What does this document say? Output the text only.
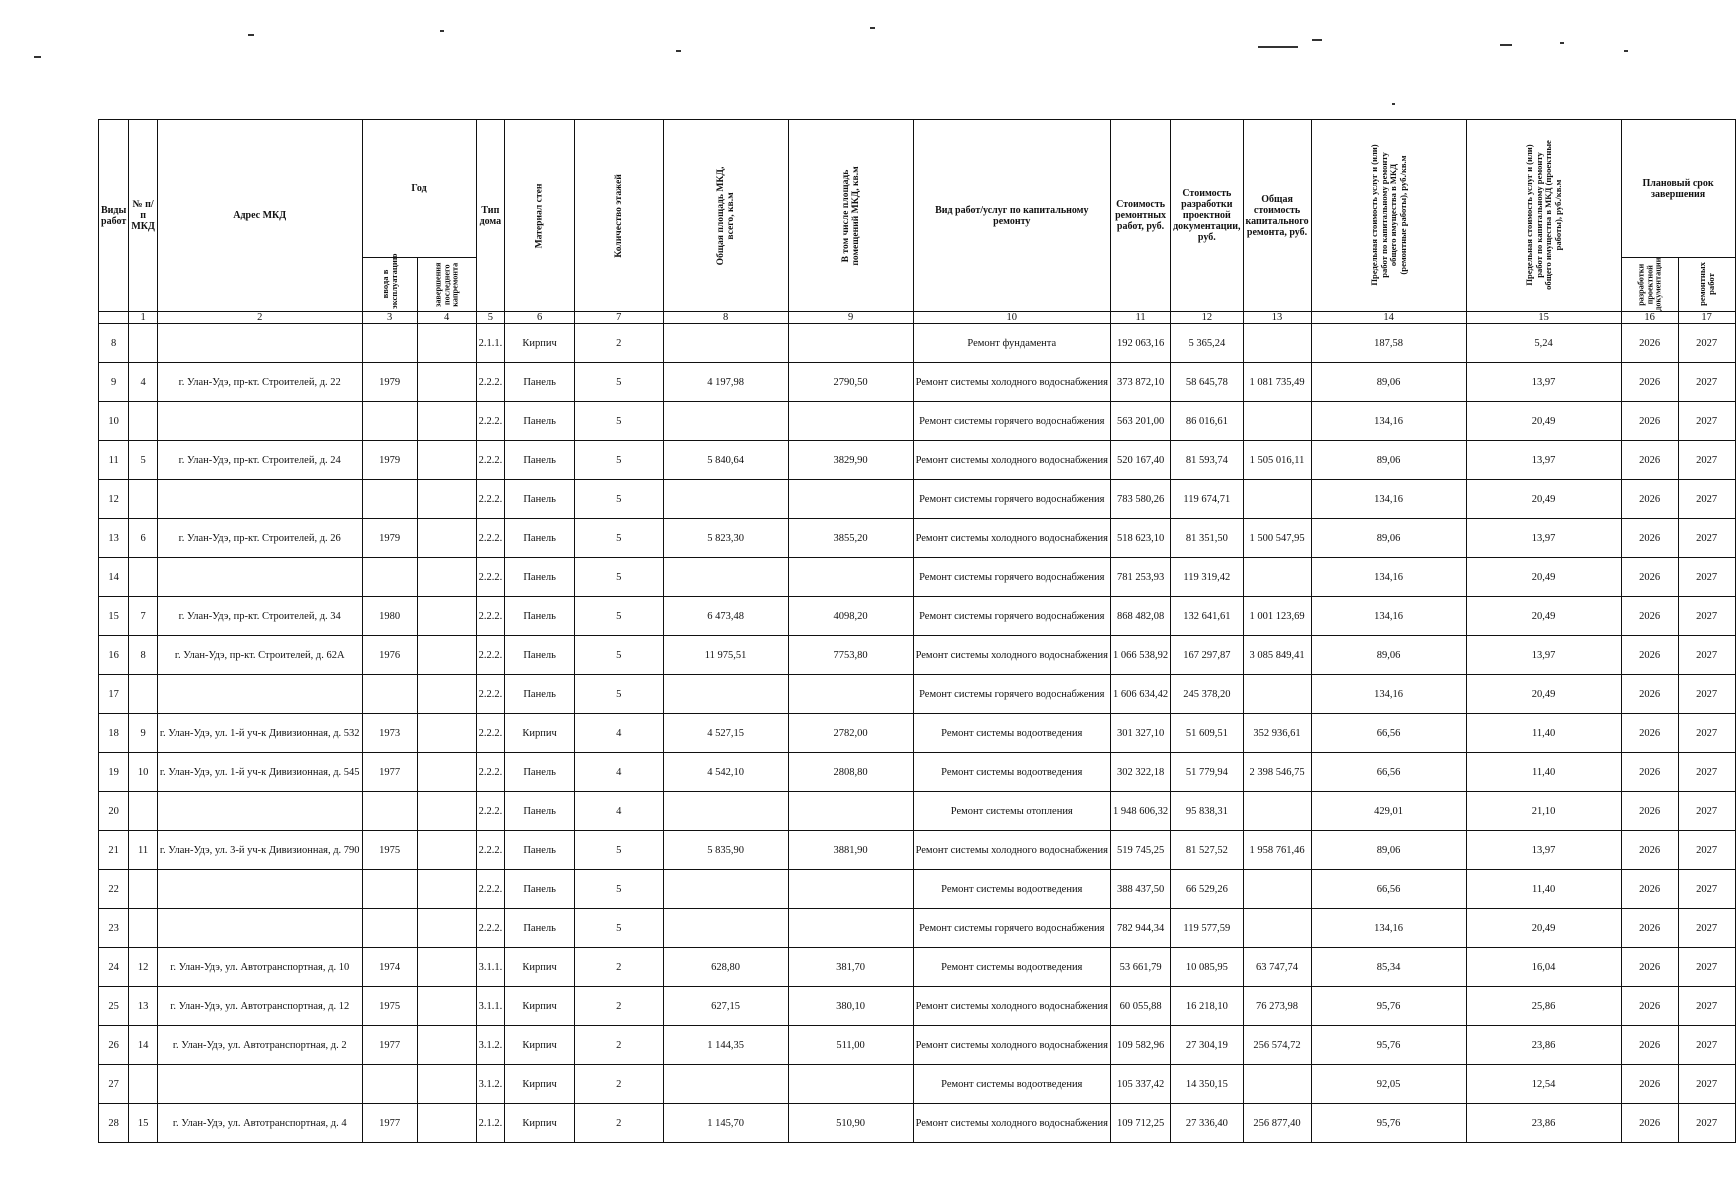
Виды работ	№ п/п МКД	Адрес МКД	Год		Тип дома	Материал стен	Количество этажей	Общая площадь МКД, всего, кв.м	В том числе площадь помещений МКД, кв.м	Вид работ/услуг по капитальному ремонту	Стоимость ремонтных работ, руб.	Стоимость разработки проектной документации, руб.	Общая стоимость капитального ремонта, руб.	Предельная стоимость услуг и (или) работ по капитальному ремонту общего имущества в МКД (ремонтные работы), руб./кв.м	Предельная стоимость услуг и (или) работ по капитальному ремонту общего имущества в МКД (проектные работы), руб./кв.м	Плановый срок завершения	
			ввода в эксплуатацию	завершения последнего капремонта												разработки проектной документации	ремонтных работ
	1	2	3	4	5	6	7	8	9	10	11	12	13	14	15	16	17
8					2.1.1.	Кирпич	2			Ремонт фундамента	192 063,16	5 365,24		187,58	5,24	2026	2027
9	4	г. Улан-Удэ, пр-кт. Строителей, д. 22	1979		2.2.2.	Панель	5	4 197,98	2790,50	Ремонт системы холодного водоснабжения	373 872,10	58 645,78	1 081 735,49	89,06	13,97	2026	2027
10					2.2.2.	Панель	5			Ремонт системы горячего водоснабжения	563 201,00	86 016,61		134,16	20,49	2026	2027
11	5	г. Улан-Удэ, пр-кт. Строителей, д. 24	1979		2.2.2.	Панель	5	5 840,64	3829,90	Ремонт системы холодного водоснабжения	520 167,40	81 593,74	1 505 016,11	89,06	13,97	2026	2027
12					2.2.2.	Панель	5			Ремонт системы горячего водоснабжения	783 580,26	119 674,71		134,16	20,49	2026	2027
13	6	г. Улан-Удэ, пр-кт. Строителей, д. 26	1979		2.2.2.	Панель	5	5 823,30	3855,20	Ремонт системы холодного водоснабжения	518 623,10	81 351,50	1 500 547,95	89,06	13,97	2026	2027
14					2.2.2.	Панель	5			Ремонт системы горячего водоснабжения	781 253,93	119 319,42		134,16	20,49	2026	2027
15	7	г. Улан-Удэ, пр-кт. Строителей, д. 34	1980		2.2.2.	Панель	5	6 473,48	4098,20	Ремонт системы горячего водоснабжения	868 482,08	132 641,61	1 001 123,69	134,16	20,49	2026	2027
16	8	г. Улан-Удэ, пр-кт. Строителей, д. 62А	1976		2.2.2.	Панель	5	11 975,51	7753,80	Ремонт системы холодного водоснабжения	1 066 538,92	167 297,87	3 085 849,41	89,06	13,97	2026	2027
17					2.2.2.	Панель	5			Ремонт системы горячего водоснабжения	1 606 634,42	245 378,20		134,16	20,49	2026	2027
18	9	г. Улан-Удэ, ул. 1-й уч-к Дивизионная, д. 532	1973		2.2.2.	Кирпич	4	4 527,15	2782,00	Ремонт системы водоотведения	301 327,10	51 609,51	352 936,61	66,56	11,40	2026	2027
19	10	г. Улан-Удэ, ул. 1-й уч-к Дивизионная, д. 545	1977		2.2.2.	Панель	4	4 542,10	2808,80	Ремонт системы водоотведения	302 322,18	51 779,94	2 398 546,75	66,56	11,40	2026	2027
20					2.2.2.	Панель	4			Ремонт системы отопления	1 948 606,32	95 838,31		429,01	21,10	2026	2027
21	11	г. Улан-Удэ, ул. 3-й уч-к Дивизионная, д. 790	1975		2.2.2.	Панель	5	5 835,90	3881,90	Ремонт системы холодного водоснабжения	519 745,25	81 527,52	1 958 761,46	89,06	13,97	2026	2027
22					2.2.2.	Панель	5			Ремонт системы водоотведения	388 437,50	66 529,26		66,56	11,40	2026	2027
23					2.2.2.	Панель	5			Ремонт системы горячего водоснабжения	782 944,34	119 577,59		134,16	20,49	2026	2027
24	12	г. Улан-Удэ, ул. Автотранспортная, д. 10	1974		3.1.1.	Кирпич	2	628,80	381,70	Ремонт системы водоотведения	53 661,79	10 085,95	63 747,74	85,34	16,04	2026	2027
25	13	г. Улан-Удэ, ул. Автотранспортная, д. 12	1975		3.1.1.	Кирпич	2	627,15	380,10	Ремонт системы холодного водоснабжения	60 055,88	16 218,10	76 273,98	95,76	25,86	2026	2027
26	14	г. Улан-Удэ, ул. Автотранспортная, д. 2	1977		3.1.2.	Кирпич	2	1 144,35	511,00	Ремонт системы холодного водоснабжения	109 582,96	27 304,19	256 574,72	95,76	23,86	2026	2027
27					3.1.2.	Кирпич	2			Ремонт системы водоотведения	105 337,42	14 350,15		92,05	12,54	2026	2027
28	15	г. Улан-Удэ, ул. Автотранспортная, д. 4	1977		2.1.2.	Кирпич	2	1 145,70	510,90	Ремонт системы холодного водоснабжения	109 712,25	27 336,40	256 877,40	95,76	23,86	2026	2027
